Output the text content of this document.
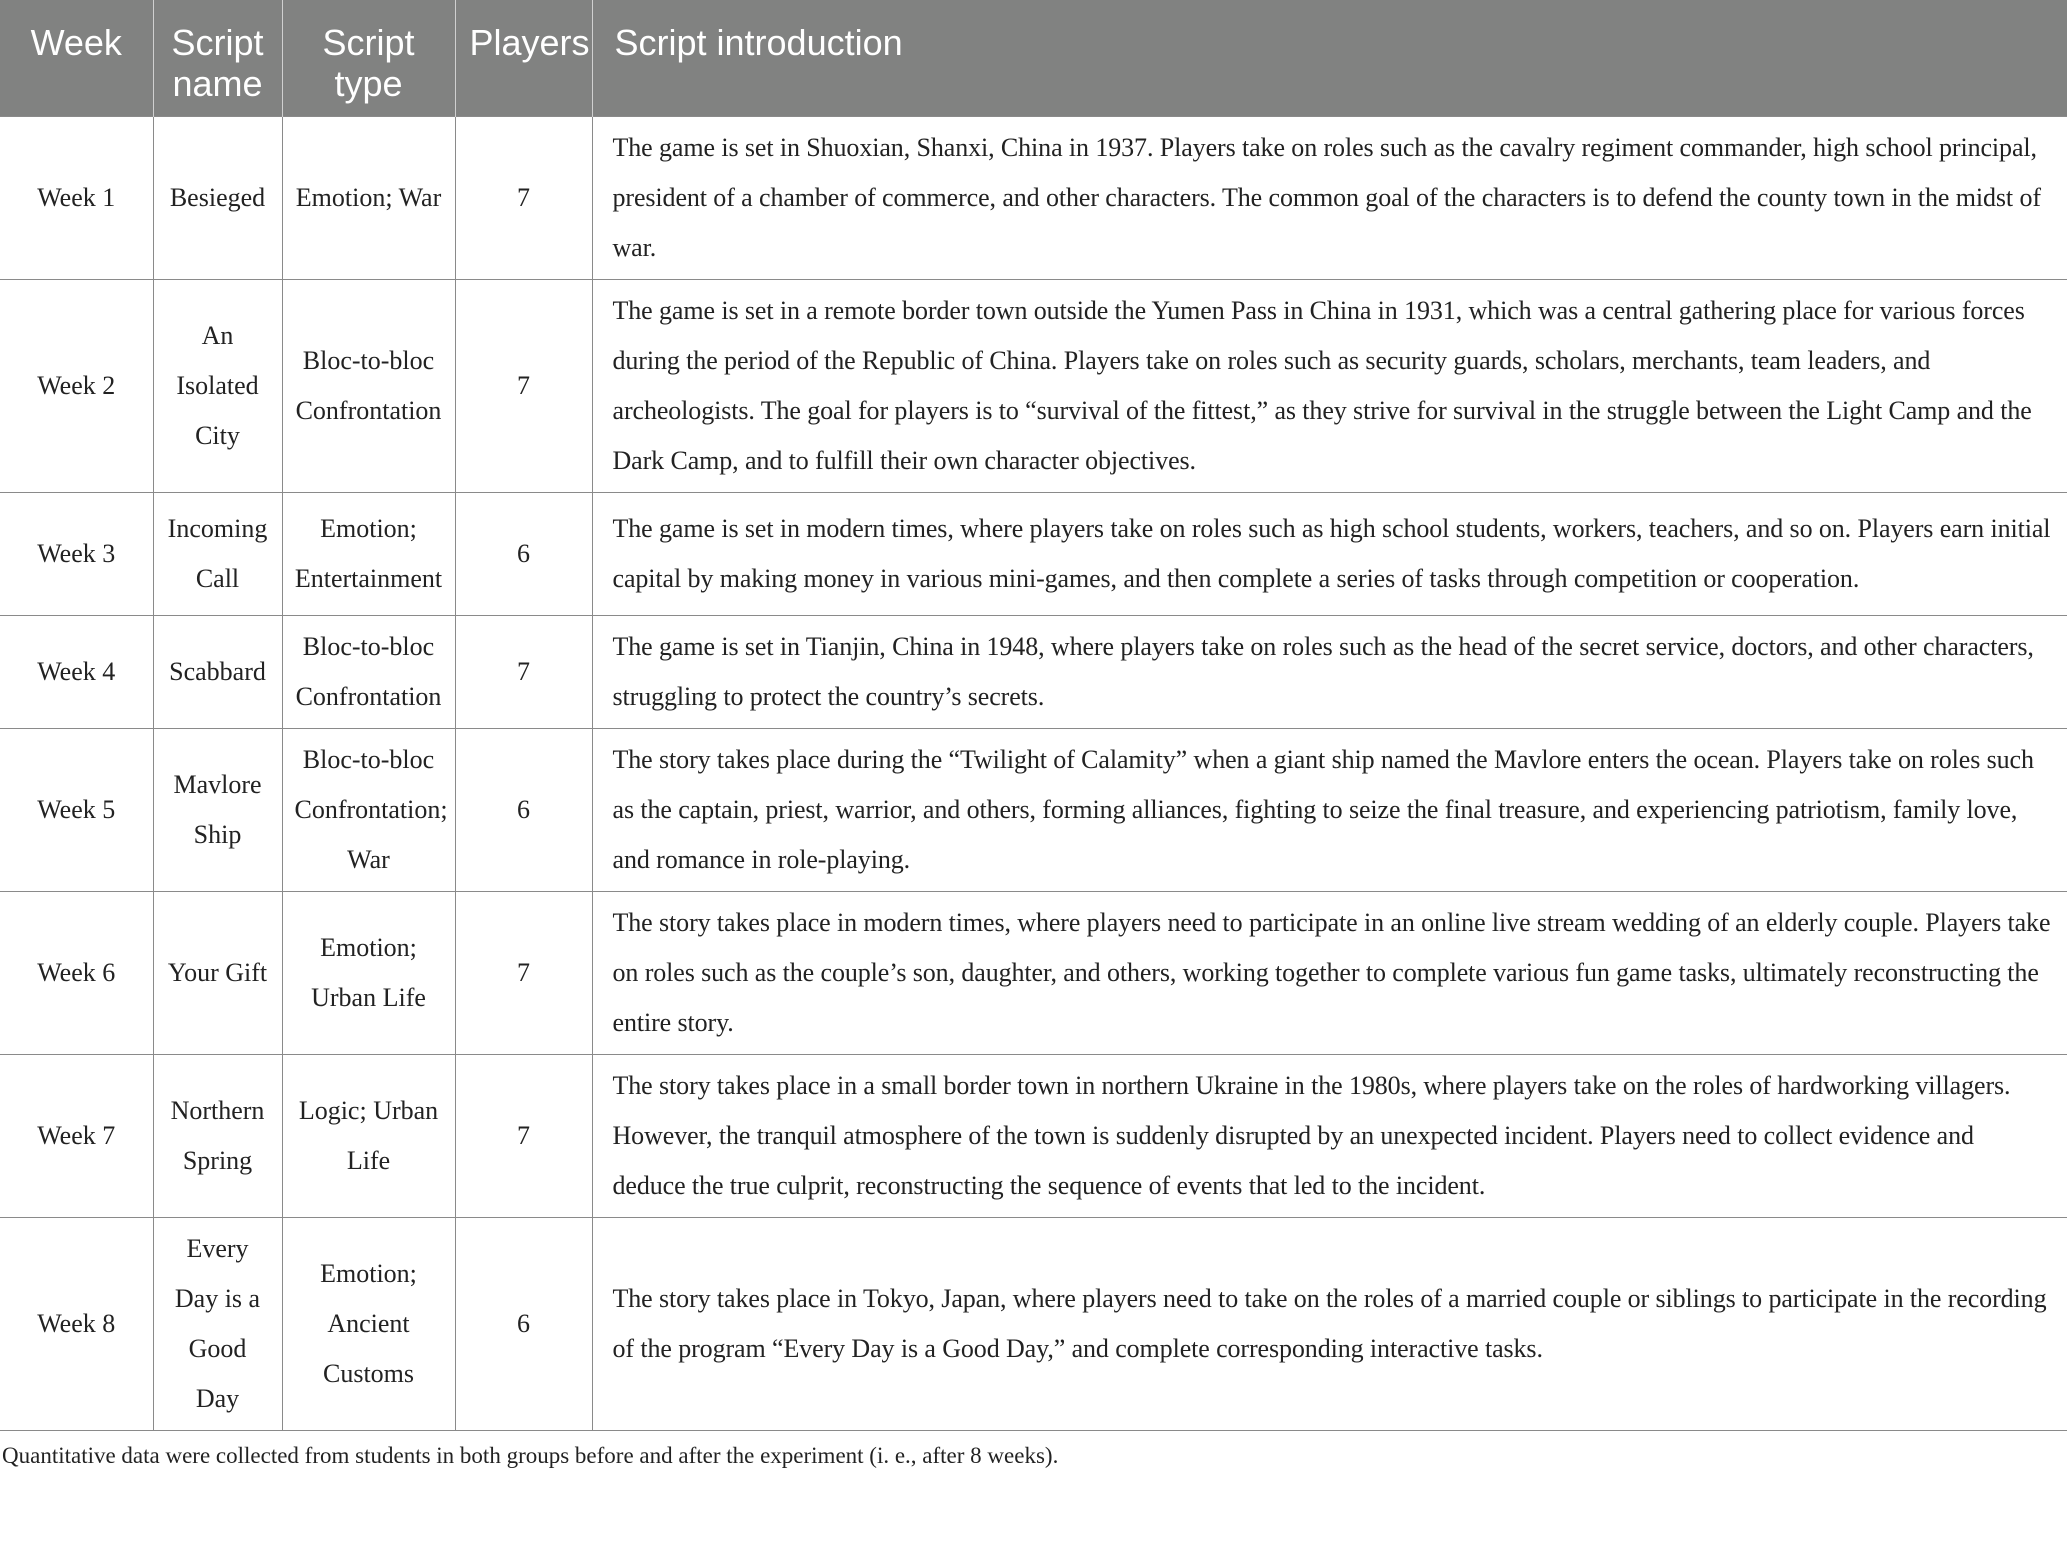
Week	Script name	Script type	Players	Script introduction
Week 1	Besieged	Emotion; War	7	The game is set in Shuoxian, Shanxi, China in 1937. Players take on roles such as the cavalry regiment commander, high school principal, president of a chamber of commerce, and other characters. The common goal of the characters is to defend the county town in the midst of war.
Week 2	An Isolated City	Bloc-to-bloc Confrontation	7	The game is set in a remote border town outside the Yumen Pass in China in 1931, which was a central gathering place for various forces during the period of the Republic of China. Players take on roles such as security guards, scholars, merchants, team leaders, and archeologists. The goal for players is to “survival of the fittest,” as they strive for survival in the struggle between the Light Camp and the Dark Camp, and to fulfill their own character objectives.
Week 3	Incoming Call	Emotion; Entertainment	6	The game is set in modern times, where players take on roles such as high school students, workers, teachers, and so on. Players earn initial capital by making money in various mini-games, and then complete a series of tasks through competition or cooperation.
Week 4	Scabbard	Bloc-to-bloc Confrontation	7	The game is set in Tianjin, China in 1948, where players take on roles such as the head of the secret service, doctors, and other characters, struggling to protect the country’s secrets.
Week 5	Mavlore Ship	Bloc-to-bloc Confrontation; War	6	The story takes place during the “Twilight of Calamity” when a giant ship named the Mavlore enters the ocean. Players take on roles such as the captain, priest, warrior, and others, forming alliances, fighting to seize the final treasure, and experiencing patriotism, family love, and romance in role-playing.
Week 6	Your Gift	Emotion; Urban Life	7	The story takes place in modern times, where players need to participate in an online live stream wedding of an elderly couple. Players take on roles such as the couple’s son, daughter, and others, working together to complete various fun game tasks, ultimately reconstructing the entire story.
Week 7	Northern Spring	Logic; Urban Life	7	The story takes place in a small border town in northern Ukraine in the 1980s, where players take on the roles of hardworking villagers. However, the tranquil atmosphere of the town is suddenly disrupted by an unexpected incident. Players need to collect evidence and deduce the true culprit, reconstructing the sequence of events that led to the incident.
Week 8	Every Day is a Good Day	Emotion; Ancient Customs	6	The story takes place in Tokyo, Japan, where players need to take on the roles of a married couple or siblings to participate in the recording of the program “Every Day is a Good Day,” and complete corresponding interactive tasks.
Quantitative data were collected from students in both groups before and after the experiment (i. e., after 8 weeks).
